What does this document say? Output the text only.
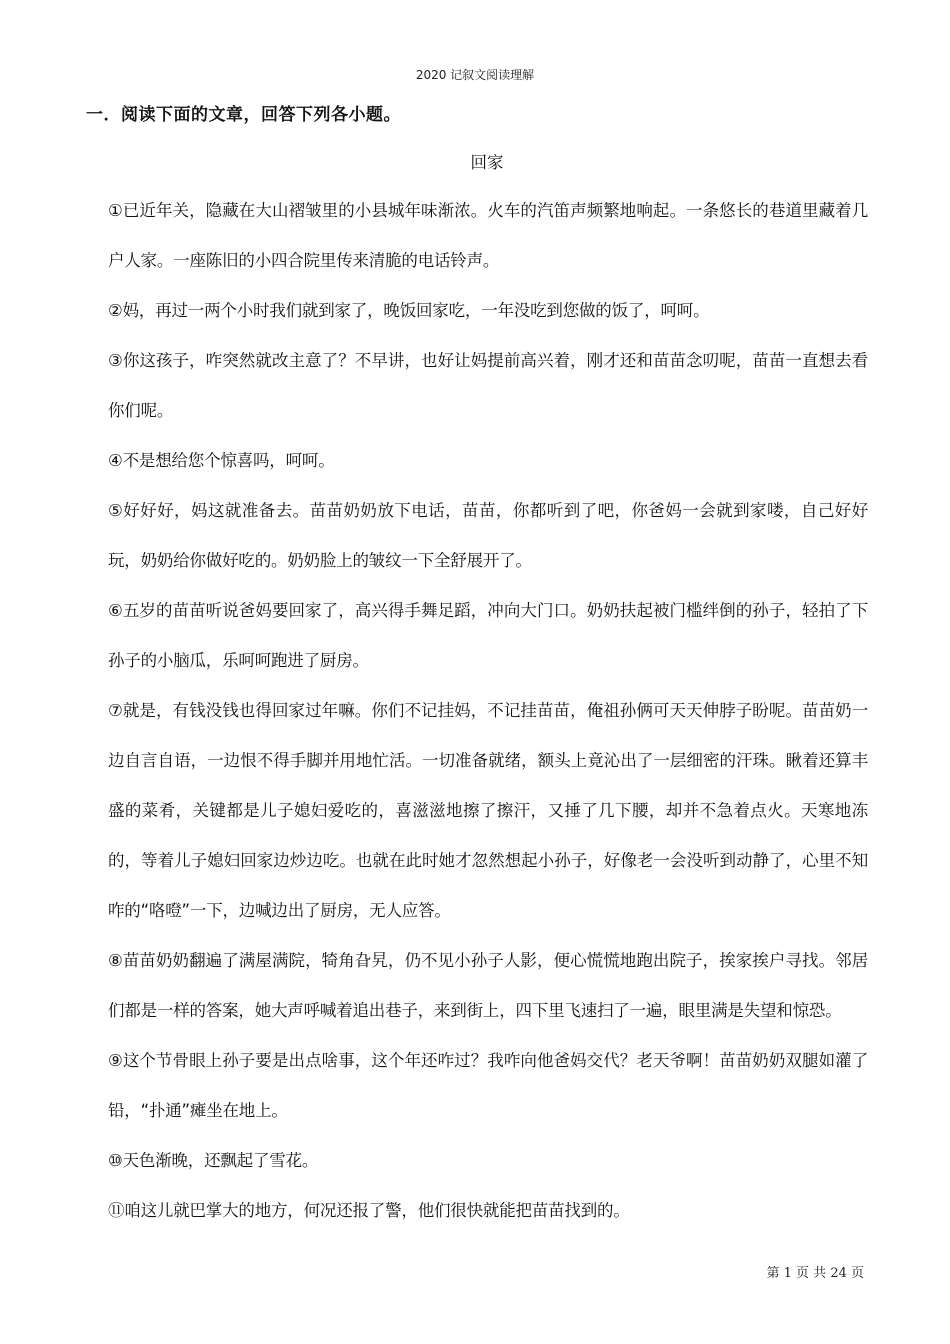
2020 记叙文阅读理解
一．阅读下面的文章，回答下列各小题。
回家

①已近年关，隐藏在大山褶皱里的小县城年味渐浓。火车的汽笛声频繁地响起。一条悠长的巷道里藏着几户人家。一座陈旧的小四合院里传来清脆的电话铃声。

②妈，再过一两个小时我们就到家了，晚饭回家吃，一年没吃到您做的饭了，呵呵。

③你这孩子，咋突然就改主意了？不早讲，也好让妈提前高兴着，刚才还和苗苗念叨呢，苗苗一直想去看你们呢。

④不是想给您个惊喜吗，呵呵。

⑤好好好，妈这就准备去。苗苗奶奶放下电话，苗苗，你都听到了吧，你爸妈一会就到家喽，自己好好玩，奶奶给你做好吃的。奶奶脸上的皱纹一下全舒展开了。

⑥五岁的苗苗听说爸妈要回家了，高兴得手舞足蹈，冲向大门口。奶奶扶起被门槛绊倒的孙子，轻拍了下孙子的小脑瓜，乐呵呵跑进了厨房。

⑦就是，有钱没钱也得回家过年嘛。你们不记挂妈，不记挂苗苗，俺祖孙俩可天天伸脖子盼呢。苗苗奶一边自言自语，一边恨不得手脚并用地忙活。一切准备就绪，额头上竟沁出了一层细密的汗珠。瞅着还算丰盛的菜肴，关键都是儿子媳妇爱吃的，喜滋滋地擦了擦汗，又捶了几下腰，却并不急着点火。天寒地冻的，等着儿子媳妇回家边炒边吃。也就在此时她才忽然想起小孙子，好像老一会没听到动静了，心里不知咋的“咯噔”一下，边喊边出了厨房，无人应答。

⑧苗苗奶奶翻遍了满屋满院，犄角旮旯，仍不见小孙子人影，便心慌慌地跑出院子，挨家挨户寻找。邻居们都是一样的答案，她大声呼喊着追出巷子，来到街上，四下里飞速扫了一遍，眼里满是失望和惊恐。

⑨这个节骨眼上孙子要是出点啥事，这个年还咋过？我咋向他爸妈交代？老天爷啊！苗苗奶奶双腿如灌了铅，“扑通”瘫坐在地上。

⑩天色渐晚，还飘起了雪花。

⑪咱这儿就巴掌大的地方，何况还报了警，他们很快就能把苗苗找到的。

第 1 页 共 24 页
